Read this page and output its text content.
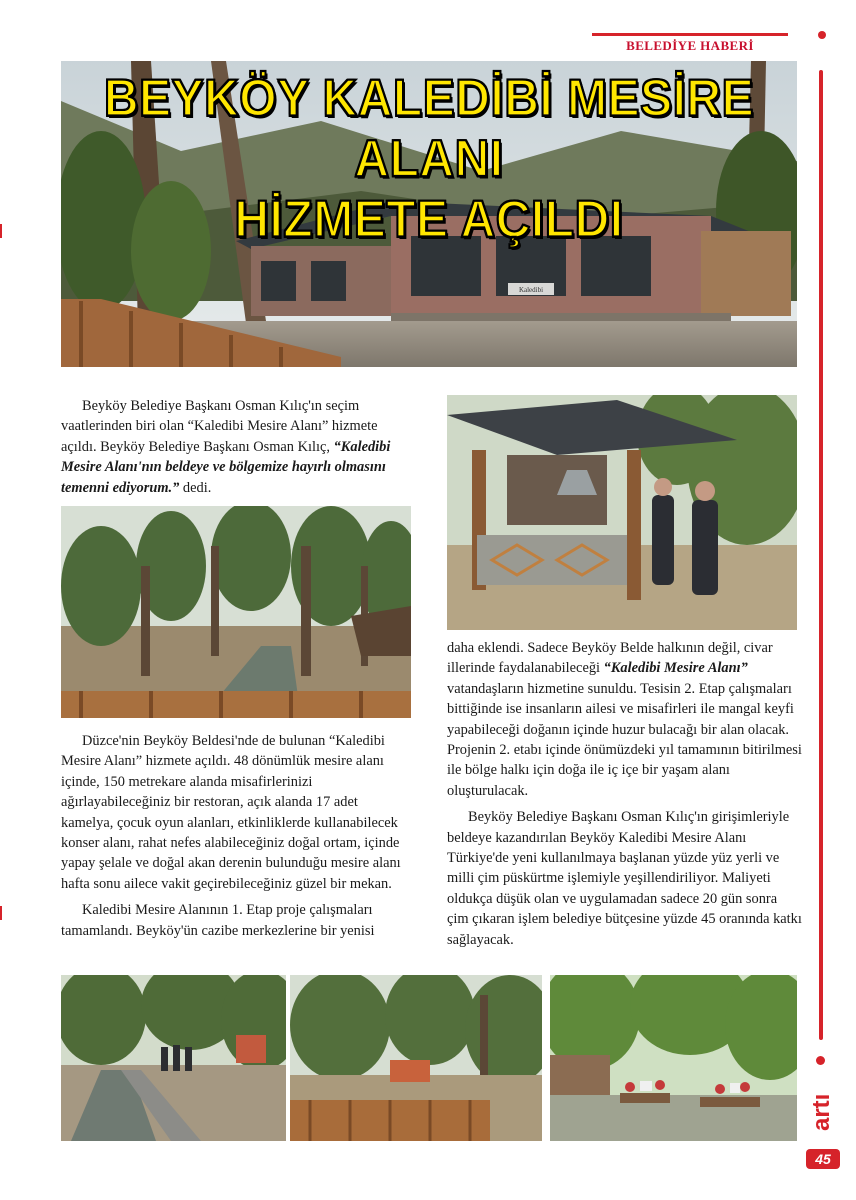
BELEDİYE HABERİ
Kaledibi
BEYKÖY KALEDİBİ MESİRE ALANI
HİZMETE AÇILDI

Beyköy Belediye Başkanı Osman Kılıç'ın seçim vaatlerinden biri olan “Kaledibi Mesire Alanı” hizmete açıldı. Beyköy Belediye Başkanı Osman Kılıç, “Kaledibi Mesire Alanı'nın beldeye ve bölgemize hayırlı olmasını temenni ediyorum.” dedi.

Düzce'nin Beyköy Beldesi'nde de bulunan “Kaledibi Mesire Alanı” hizmete açıldı. 48 dönümlük mesire alanı içinde, 150 metrekare alanda misafirlerinizi ağırlayabileceğiniz bir restoran, açık alanda 17 adet kamelya, çocuk oyun alanları, etkinliklerde kullanabilecek konser alanı, rahat nefes alabileceğiniz doğal ortam, içinde yapay şelale ve doğal akan derenin bulunduğu mesire alanı hafta sonu ailece vakit geçirebileceğiniz güzel bir mekan.

Kaledibi Mesire Alanının 1. Etap proje çalışmaları tamamlandı. Beyköy'ün cazibe merkezlerine bir yenisi

daha eklendi. Sadece Beyköy Belde halkının değil, civar illerinde faydalanabileceği “Kaledibi Mesire Alanı” vatandaşların hizmetine sunuldu. Tesisin 2. Etap çalışmaları bittiğinde ise insanların ailesi ve misafirleri ile mangal keyfi yapabileceği doğanın içinde huzur bulacağı bir alan olacak. Projenin 2. etabı içinde önümüzdeki yıl tamamının bitirilmesi ile bölge halkı için doğa ile iç içe bir yaşam alanı oluşturulacak.

Beyköy Belediye Başkanı Osman Kılıç'ın girişimleriyle beldeye kazandırılan Beyköy Kaledibi Mesire Alanı Türkiye'de yeni kullanılmaya başlanan yüzde yüz yerli ve milli çim püskürtme işlemiyle yeşillendiriliyor. Maliyeti oldukça düşük olan ve uygulamadan sadece 20 gün sonra çim çıkaran işlem belediye bütçesine yüzde 45 oranında katkı sağlayacak.

artı
45
